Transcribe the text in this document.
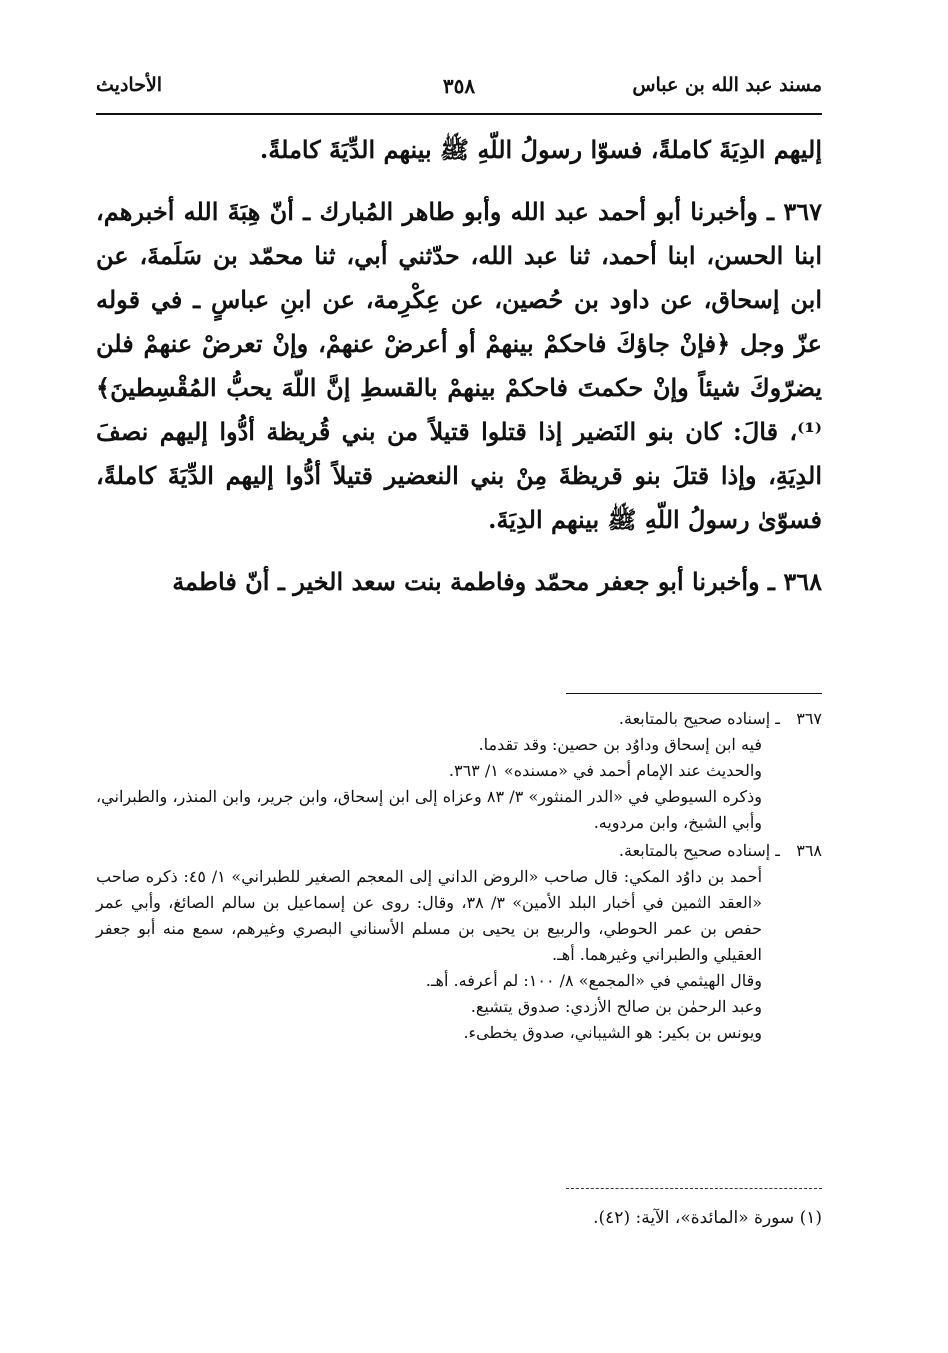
مسند عبد الله بن عباس
٣٥٨
الأحاديث

إليهم الدِيَةَ كاملةً، فسوّا رسولُ اللّهِ ﷺ بينهم الدِّيَةَ كاملةً.

٣٦٧ ـ وأخبرنا أبو أحمد عبد الله وأبو طاهر المُبارك ـ أنّ هِبَةَ الله أخبرهم، ابنا الحسن، ابنا أحمد، ثنا عبد الله، حدّثني أبي، ثنا محمّد بن سَلَمةَ، عن ابن إسحاق، عن داود بن حُصين، عن عِكْرِمة، عن ابنِ عباسٍ ـ في قوله عزّ وجل ﴿فإنْ جاؤكَ فاحكمْ بينهمْ أو أعرضْ عنهمْ، وإنْ تعرضْ عنهمْ فلن يضرّوكَ شيئاً وإنْ حكمتَ فاحكمْ بينهمْ بالقسطِ إنَّ اللّهَ يحبُّ المُقْسِطينَ﴾⁽¹⁾، قالَ: كان بنو النَضير إذا قتلوا قتيلاً من بني قُريظة أدُّوا إليهم نصفَ الدِيَةِ، وإذا قتلَ بنو قريظةَ مِنْ بني النعضير قتيلاً أدُّوا إليهم الدِّيَةَ كاملةً، فسوّىٰ رسولُ اللّهِ ﷺ بينهم الدِيَةَ.

٣٦٨ ـ وأخبرنا أبو جعفر محمّد وفاطمة بنت سعد الخير ـ أنّ فاطمة

٣٦٧
ـ إسناده صحيح بالمتابعة.
فيه ابن إسحاق وداوُد بن حصين: وقد تقدما.
والحديث عند الإمام أحمد في «مسنده» ١/ ٣٦٣.
وذكره السيوطي في «الدر المنثور» ٣/ ٨٣ وعزاه إلى ابن إسحاق، وابن جرير، وابن المنذر، والطبراني، وأبي الشيخ، وابن مردويه.
٣٦٨
ـ إسناده صحيح بالمتابعة.
أحمد بن داوُد المكي: قال صاحب «الروض الداني إلى المعجم الصغير للطبراني» ١/ ٤٥: ذكره صاحب «العقد الثمين في أخبار البلد الأمين» ٣/ ٣٨، وقال: روى عن إسماعيل بن سالم الصائغ، وأبي عمر حفص بن عمر الحوطي، والربيع بن يحيى بن مسلم الأسناني البصري وغيرهم، سمع منه أبو جعفر العقيلي والطبراني وغيرهما. أهـ.
وقال الهيثمي في «المجمع» ٨/ ١٠٠: لم أعرفه. أهـ.
وعبد الرحمٰن بن صالح الأزدي: صدوق يتشيع.
ويونس بن بكير: هو الشيباني، صدوق يخطىء.
(١) سورة «المائدة»، الآية: (٤٢).
